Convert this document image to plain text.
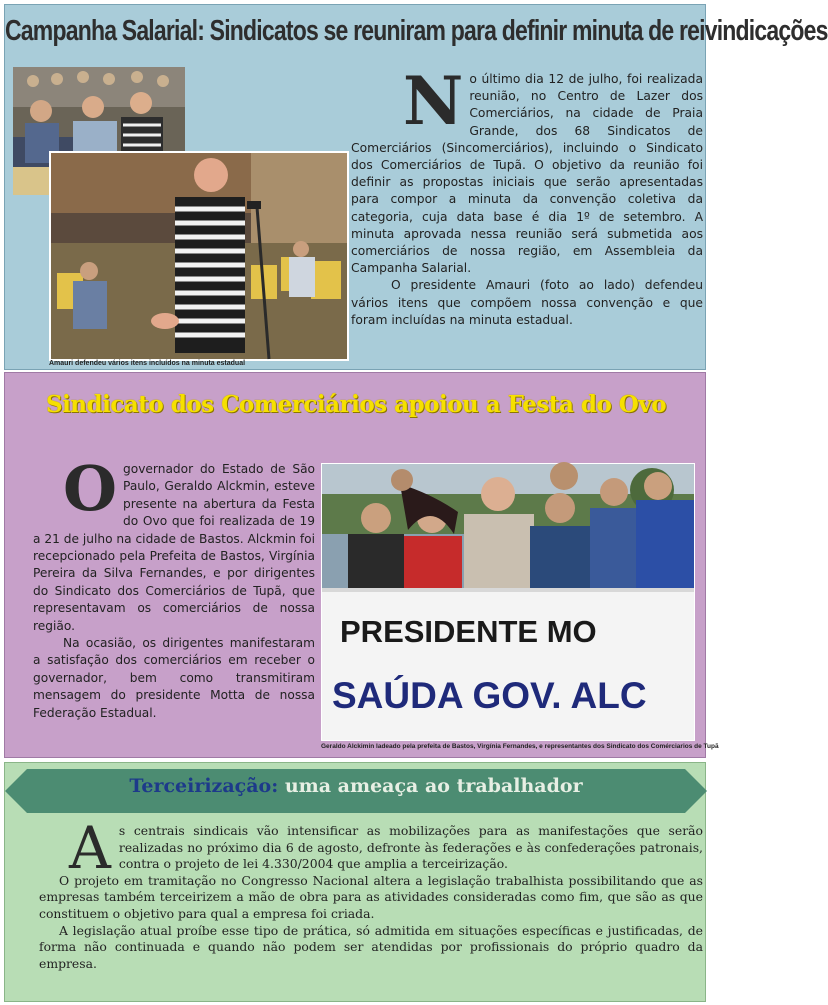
Campanha Salarial: Sindicatos se reuniram para definir minuta de reivindicações
Amauri defendeu vários itens incluídos na minuta estadual
N o último dia 12 de julho, foi realizada reunião, no Centro de Lazer dos Comerciários, na cidade de Praia Grande, dos 68 Sindicatos de Comerciários (Sincomerciários), incluindo o Sindicato dos Comerciários de Tupã. O objetivo da reunião foi definir as propostas iniciais que serão apresentadas para compor a minuta da convenção coletiva da categoria, cuja data base é dia 1º de setembro. A minuta aprovada nessa reunião será submetida aos comerciários de nossa região, em Assembleia da Campanha Salarial.
O presidente Amauri (foto ao lado) defendeu vários itens que compõem nossa convenção e que foram incluídas na minuta estadual.
Sindicato dos Comerciários apoiou a Festa do Ovo
O governador do Estado de São Paulo, Geraldo Alckmin, esteve presente na abertura da Festa do Ovo que foi realizada de 19 a 21 de julho na cidade de Bastos. Alckmin foi recepcionado pela Prefeita de Bastos, Virgínia Pereira da Silva Fernandes, e por dirigentes do Sindicato dos Comerciários de Tupã, que representavam os comerciários de nossa região.
Na ocasião, os dirigentes manifestaram a satisfação dos comerciários em receber o governador, bem como transmitiram mensagem do presidente Motta de nossa Federação Estadual.
PRESIDENTE MO
SAÚDA GOV. ALC
Geraldo Alckimin ladeado pela prefeita de Bastos, Virgínia Fernandes, e representantes dos Sindicato dos Comérciarios de Tupã
Terceirização: uma ameaça ao trabalhador

A s centrais sindicais vão intensificar as mobilizações para as manifestações que serão realizadas no próximo dia 6 de agosto, defronte às federações e às confederações patronais, contra o projeto de lei 4.330/2004 que amplia a terceirização.

O projeto em tramitação no Congresso Nacional altera a legislação trabalhista possibilitando que as empresas também terceirizem a mão de obra para as atividades consideradas como fim, que são as que constituem o objetivo para qual a empresa foi criada.

A legislação atual proíbe esse tipo de prática, só admitida em situações específicas e justificadas, de forma não continuada e quando não podem ser atendidas por profissionais do próprio quadro da empresa.
